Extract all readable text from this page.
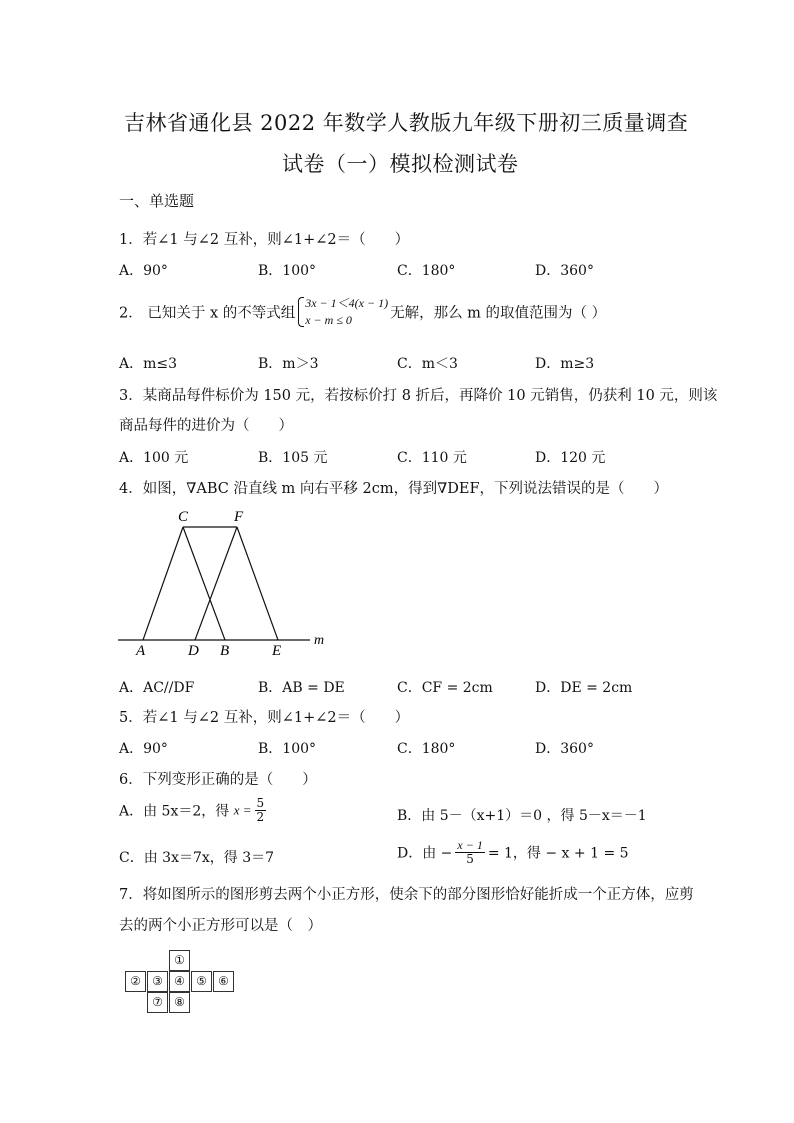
吉林省通化县 2022 年数学人教版九年级下册初三质量调查
试卷（一）模拟检测试卷
一、单选题
1．若∠1 与∠2 互补，则∠1+∠2＝（　　）
A．90°	B．100°	C．180°	D．360°
2． 已知关于 x 的不等式组
3x − 1＜4(x − 1)
x − m ≤ 0	无解，那么 m 的取值范围为（ ）
A．m≤3	B．m＞3	C．m＜3	D．m≥3
3．某商品每件标价为 150 元，若按标价打 8 折后，再降价 10 元销售，仍获利 10 元，则该
商品每件的进价为（　　）
A．100 元	B．105 元	C．110 元	D．120 元
4．如图，∇ABC 沿直线 m 向右平移 2cm，得到∇DEF，下列说法错误的是（　　）
C	F
A	D B	E
m
A．AC//DF	B．AB = DE	C．CF = 2cm	D．DE = 2cm
5．若∠1 与∠2 互补，则∠1+∠2＝（　　）
A．90°	B．100°	C．180°	D．360°
6．下列变形正确的是（　　）
A．由 5x＝2，得 $x = \frac{5}{2}$	B．由 5－（x+1）＝0 ，得 5－x＝－1
C．由 3x＝7x，得 3＝7	D．由 − $\frac{x - 1}{5} = 1$，得 − x + 1 = 5
7．将如图所示的图形剪去两个小正方形，使余下的部分图形恰好能折成一个正方体，应剪
去的两个小正方形可以是（　）
①
② ③ ④ ⑤ ⑥
⑦ ⑧
